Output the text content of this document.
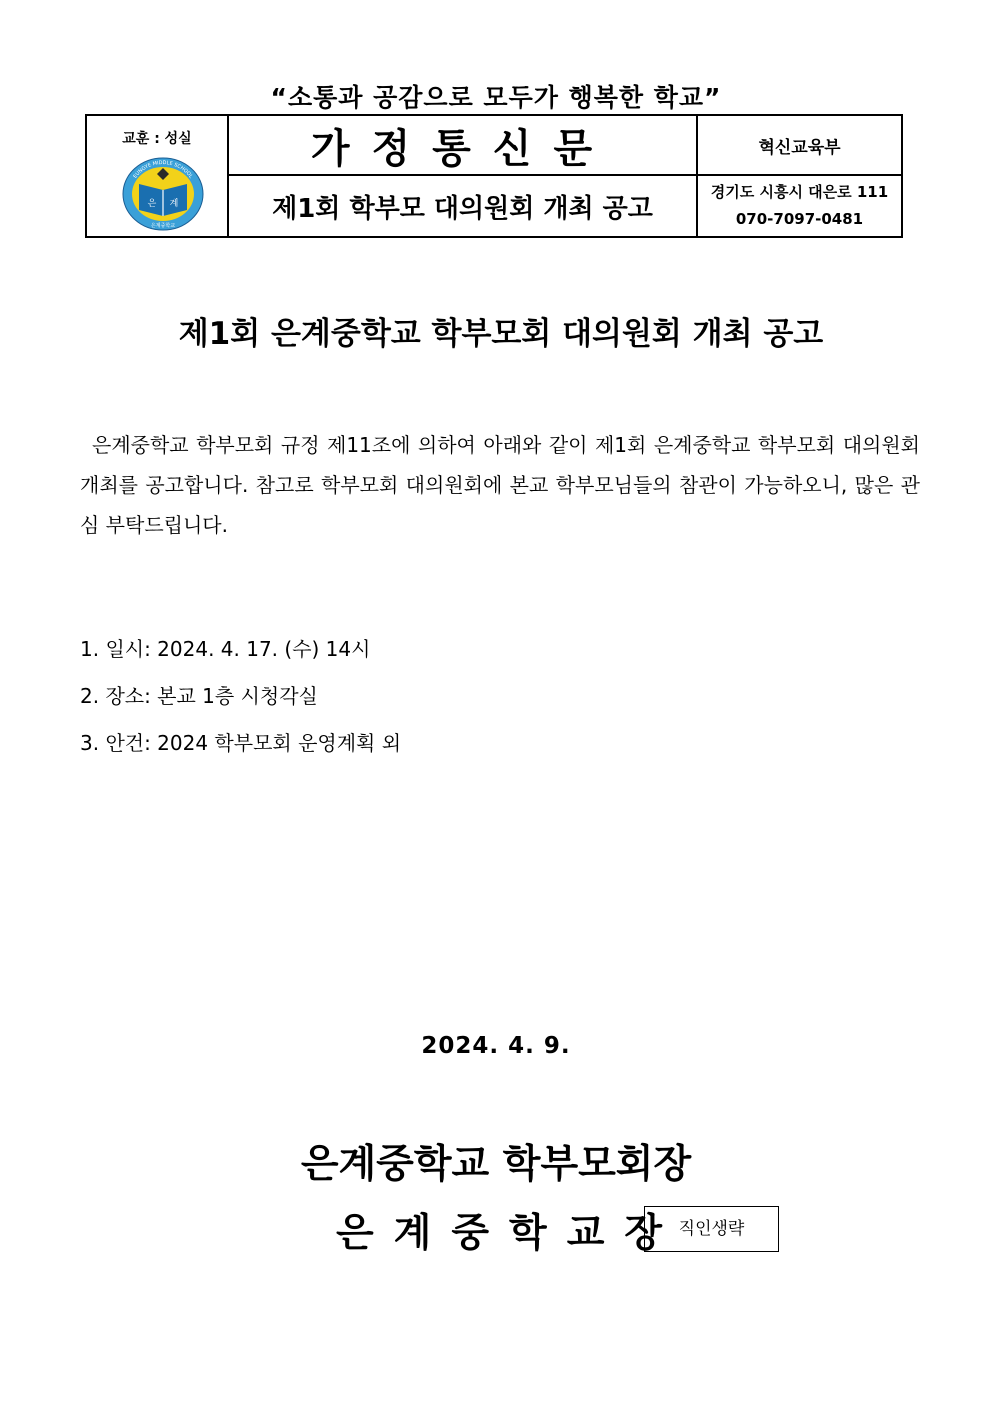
“소통과 공감으로 모두가 행복한 학교”
교훈 : 성실
은 계
EUNGYE MIDDLE SCHOOL
은계중학교	가정통신문	혁신교육부
	제1회 학부모 대의원회 개최 공고	경기도 시흥시 대은로 111
070-7097-0481
제1회 은계중학교 학부모회 대의원회 개최 공고
은계중학교 학부모회 규정 제11조에 의하여 아래와 같이 제1회 은계중학교 학부모회 대의원회 개최를 공고합니다. 참고로 학부모회 대의원회에 본교 학부모님들의 참관이 가능하오니, 많은 관심 부탁드립니다.
1. 일시: 2024. 4. 17. (수) 14시
2. 장소: 본교 1층 시청각실
3. 안건: 2024 학부모회 운영계획 외
2024. 4. 9.
은계중학교 학부모회장
은계중학교장
직인생략
